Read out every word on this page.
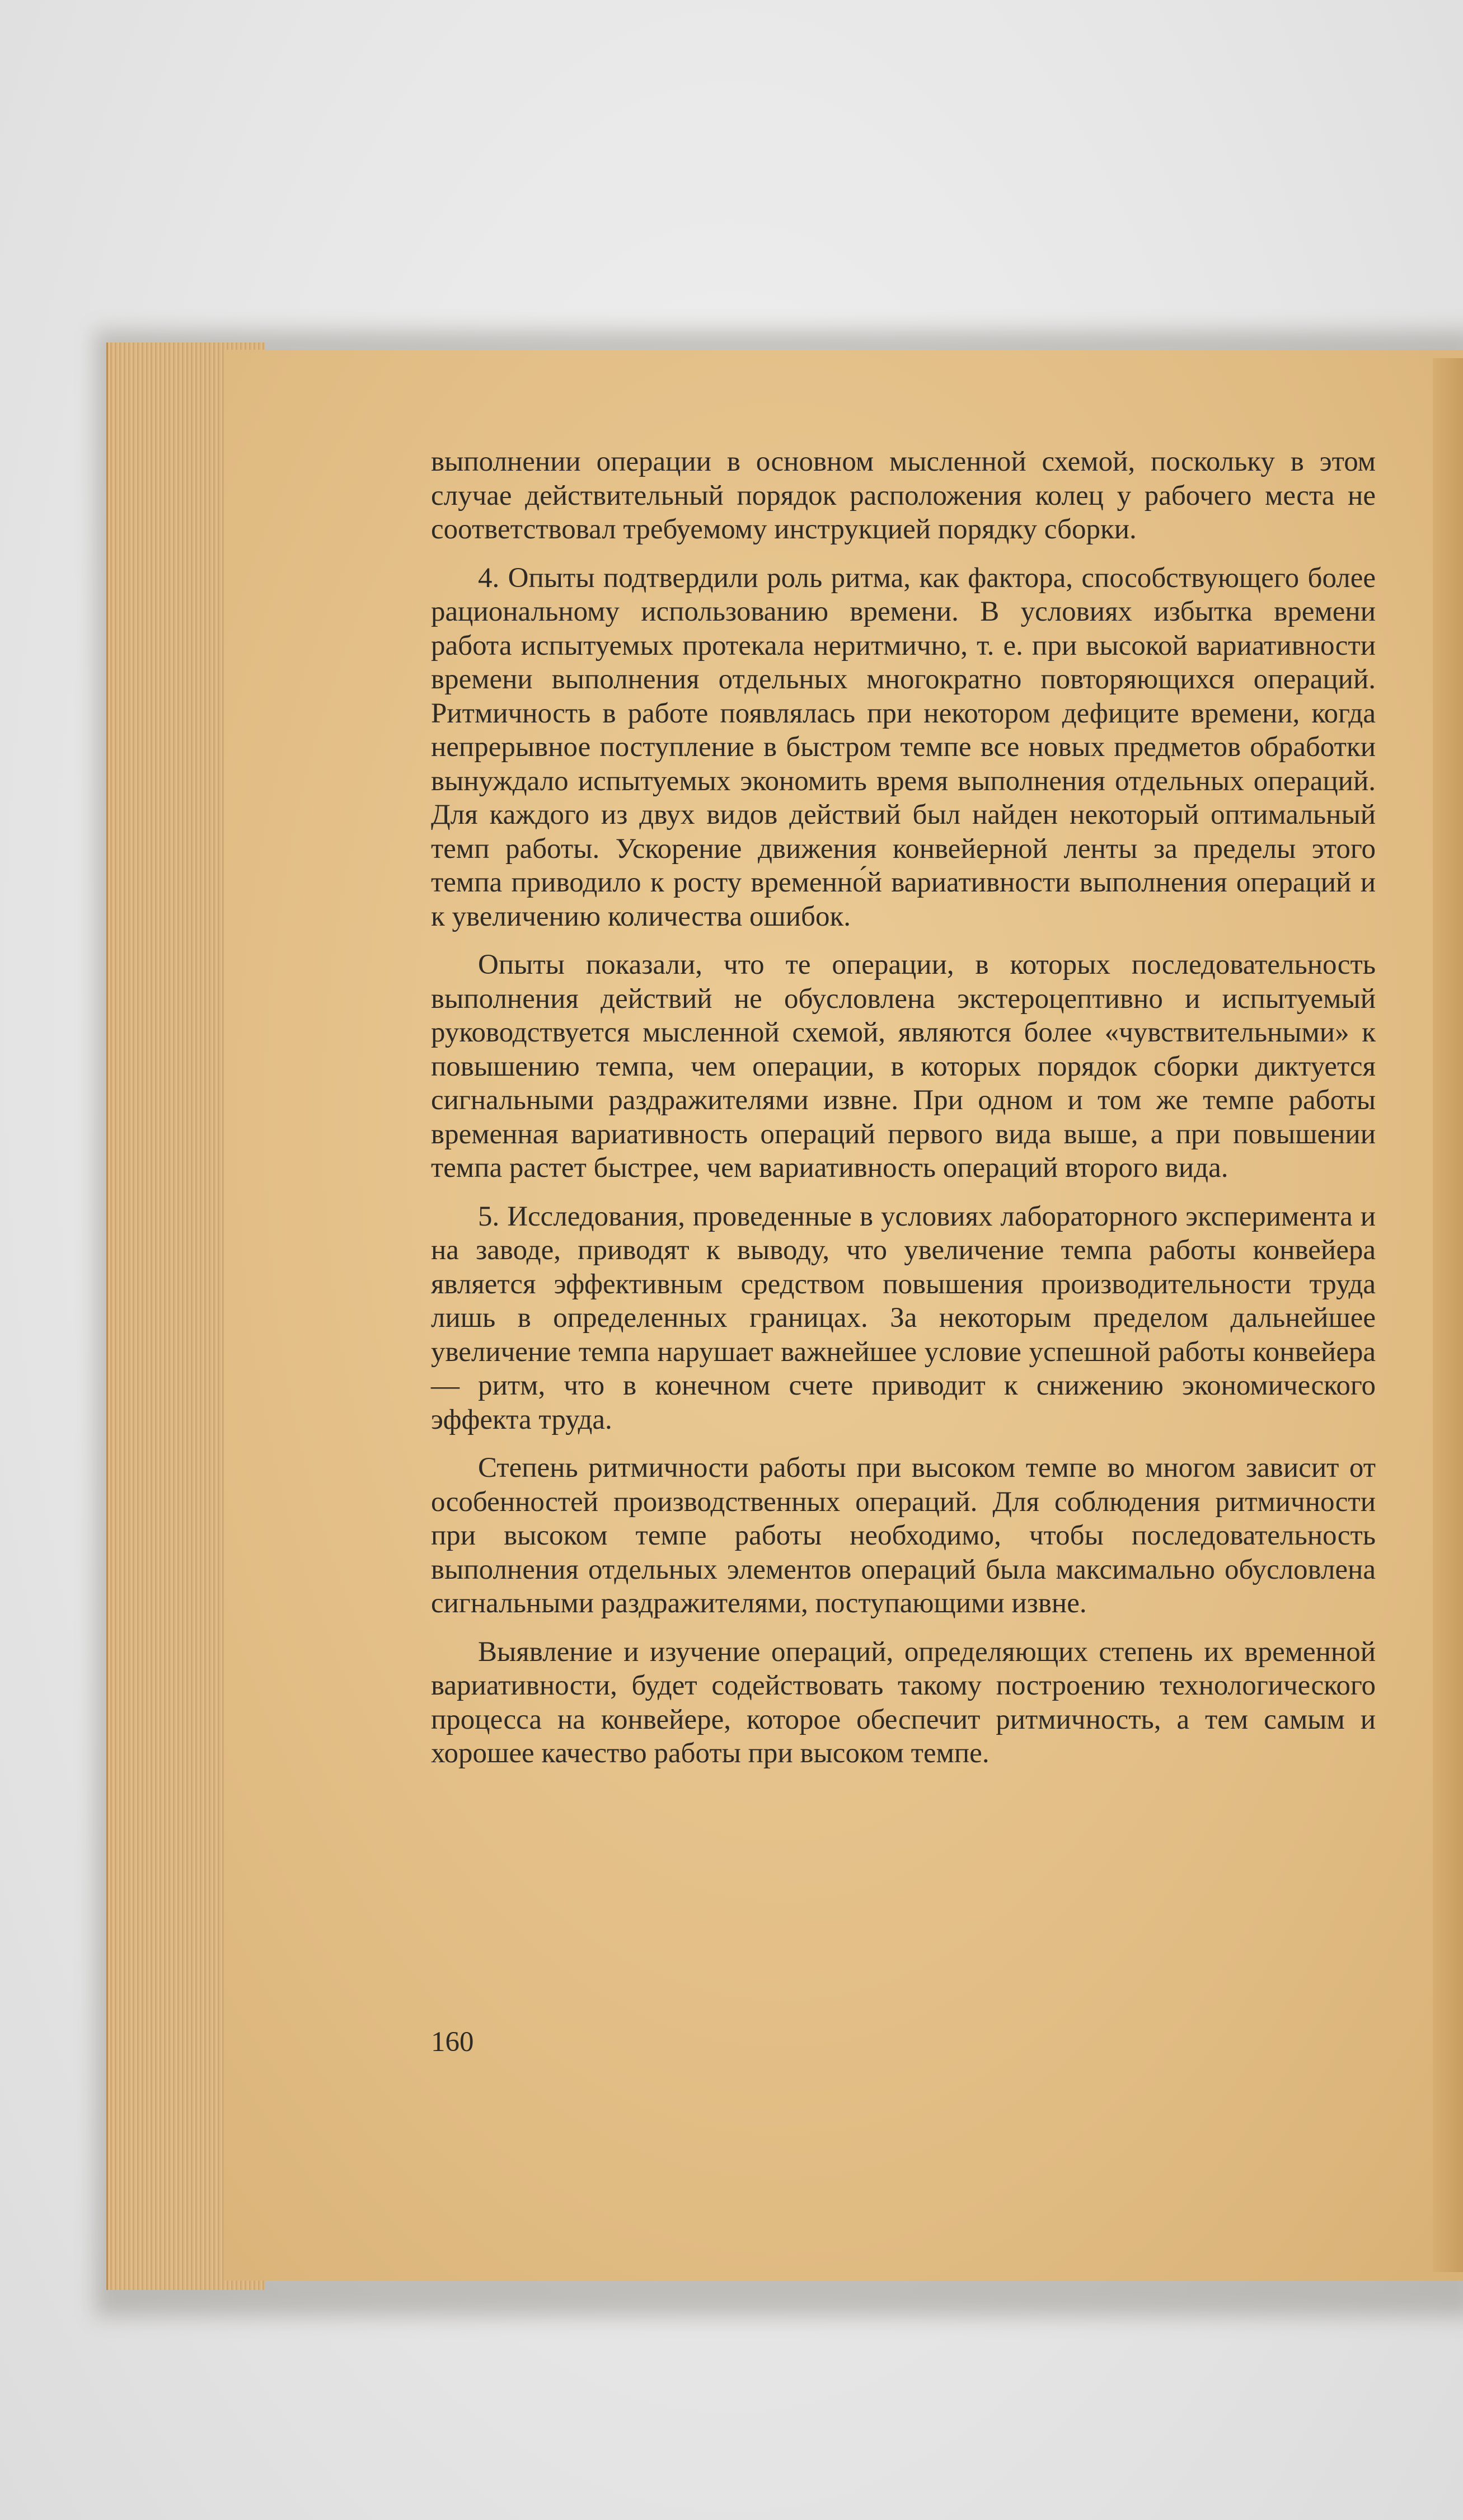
выполнении операции в основном мысленной схемой, поскольку в этом случае действительный порядок расположения колец у рабочего места не соответствовал требуемому инструкцией порядку сборки.

4. Опыты подтвердили роль ритма, как фактора, способствующего более рациональному использованию времени. В условиях избытка времени работа испытуемых протекала неритмично, т. е. при высокой вариативности времени выполнения отдельных многократно повторяющихся операций. Ритмичность в работе появлялась при некотором дефиците времени, когда непрерывное поступление в быстром темпе все новых предметов обработки вынуждало испытуемых экономить время выполнения отдельных операций. Для каждого из двух видов действий был найден некоторый оптимальный темп работы. Ускорение движения конвейерной ленты за пределы этого темпа приводило к росту временно́й вариативности выполнения операций и к увеличению количества ошибок.

Опыты показали, что те операции, в которых последовательность выполнения действий не обусловлена экстероцептивно и испытуемый руководствуется мысленной схемой, являются более «чувствительными» к повышению темпа, чем операции, в которых порядок сборки диктуется сигнальными раздражителями извне. При одном и том же темпе работы временная вариативность операций первого вида выше, а при повышении темпа растет быстрее, чем вариативность операций второго вида.

5. Исследования, проведенные в условиях лабораторного эксперимента и на заводе, приводят к выводу, что увеличение темпа работы конвейера является эффективным средством повышения производительности труда лишь в определенных границах. За некоторым пределом дальнейшее увеличение темпа нарушает важнейшее условие успешной работы конвейера — ритм, что в конечном счете приводит к снижению экономического эффекта труда.

Степень ритмичности работы при высоком темпе во многом зависит от особенностей производственных операций. Для соблюдения ритмичности при высоком темпе работы необходимо, чтобы последовательность выполнения отдельных элементов операций была максимально обусловлена сигнальными раздражителями, поступающими извне.

Выявление и изучение операций, определяющих степень их временной вариативности, будет содействовать такому построению технологического процесса на конвейере, которое обеспечит ритмичность, а тем самым и хорошее качество работы при высоком темпе.

160
